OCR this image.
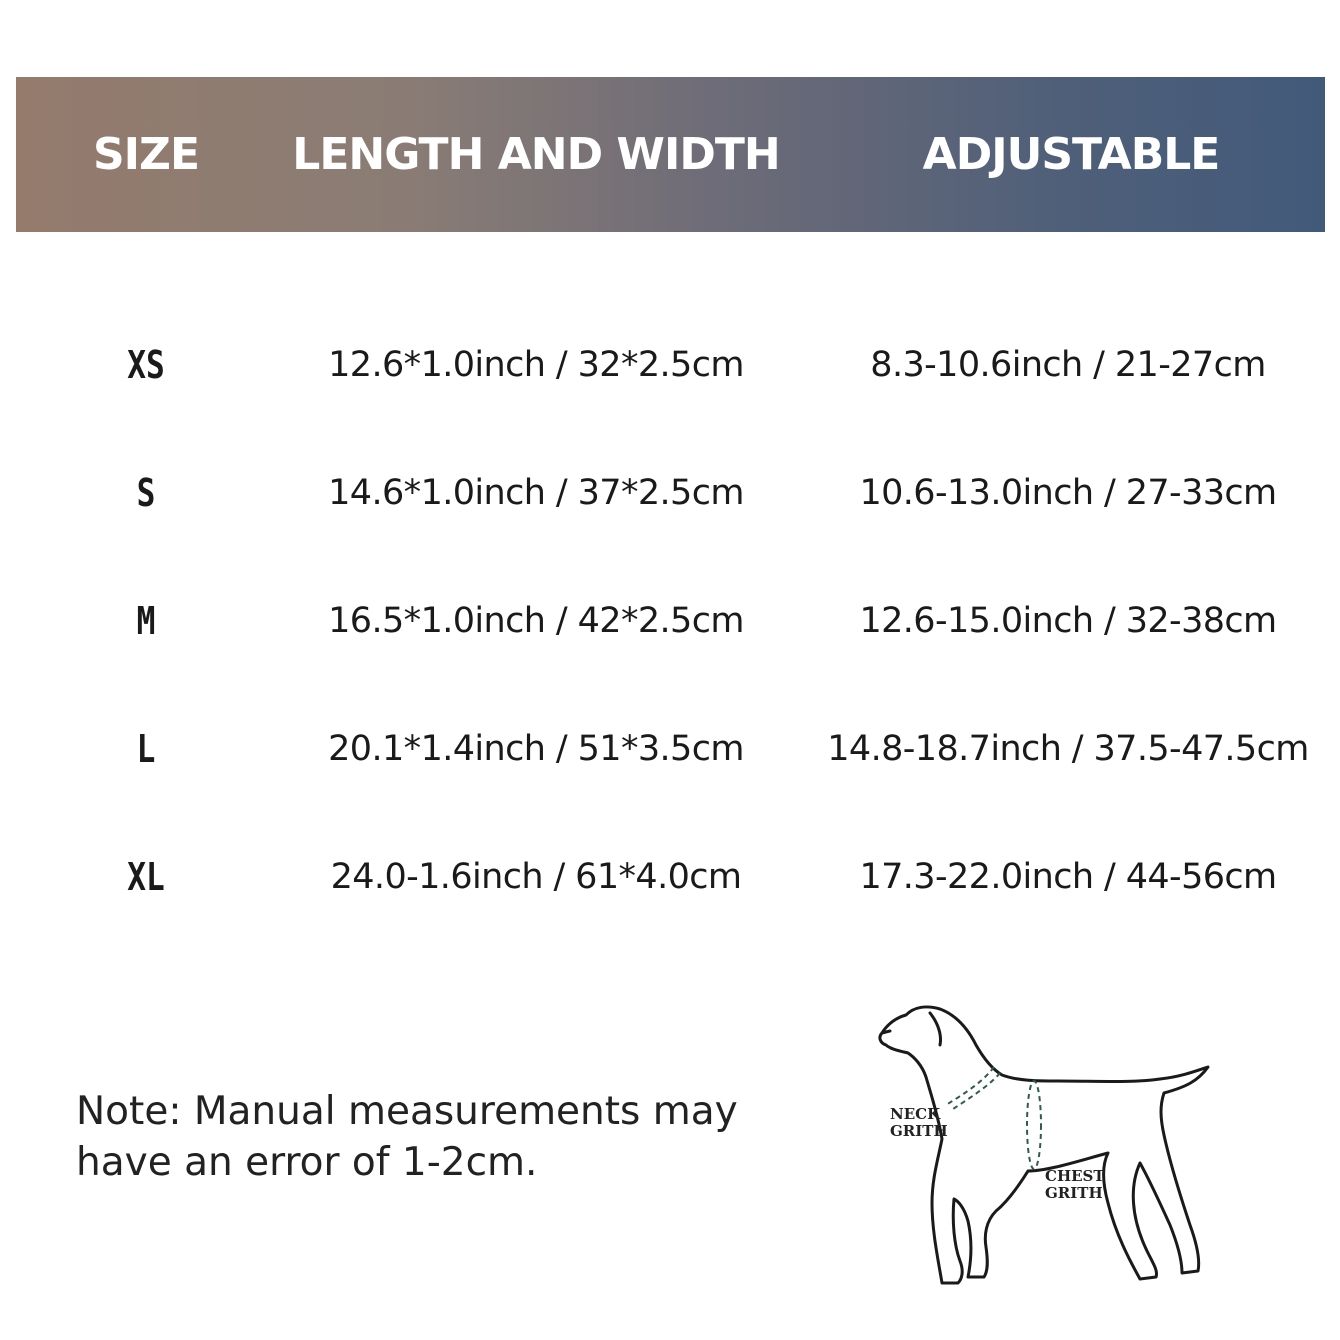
SIZE	LENGTH AND WIDTH	ADJUSTABLE
XS	12.6*1.0inch / 32*2.5cm	8.3-10.6inch / 21-27cm
S	14.6*1.0inch / 37*2.5cm	10.6-13.0inch / 27-33cm
M	16.5*1.0inch / 42*2.5cm	12.6-15.0inch / 32-38cm
L	20.1*1.4inch / 51*3.5cm	14.8-18.7inch / 37.5-47.5cm
XL	24.0-1.6inch / 61*4.0cm	17.3-22.0inch / 44-56cm
Note: Manual measurements may
have an error of 1-2cm.
NECK
GRITH
CHEST
GRITH
